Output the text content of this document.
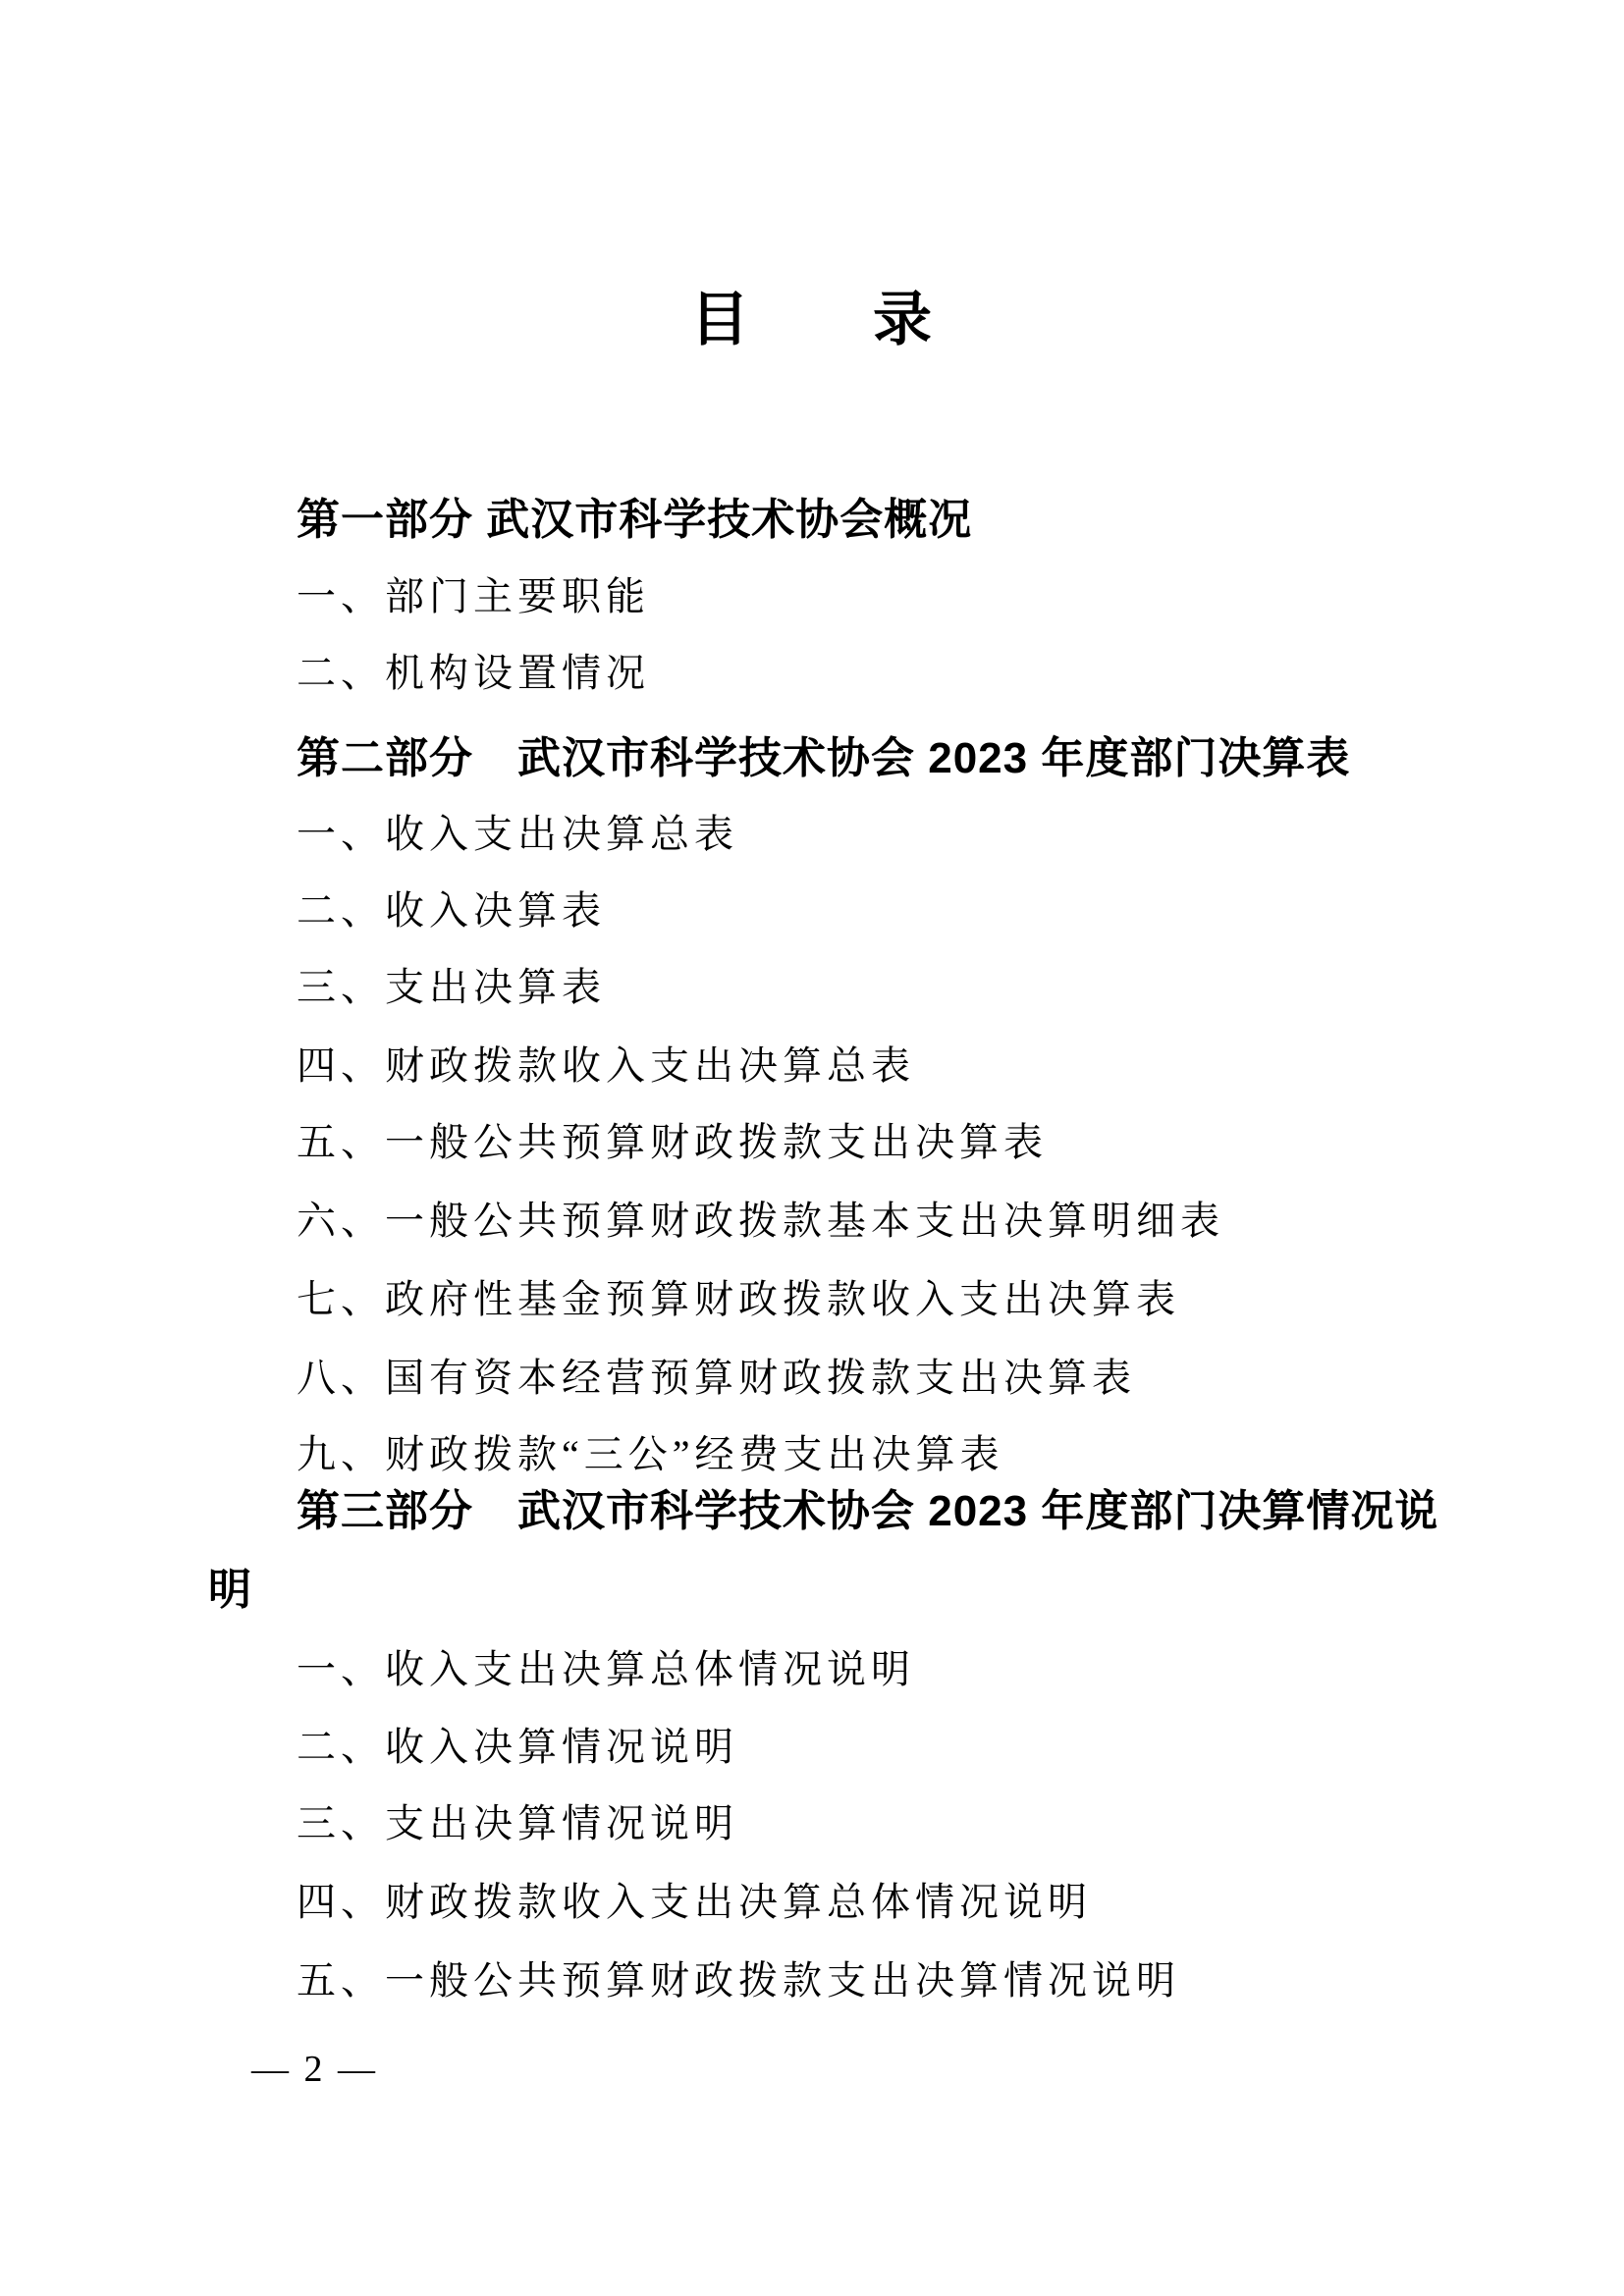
目　　录
第一部分 武汉市科学技术协会概况
一、部门主要职能
二、机构设置情况
第二部分　武汉市科学技术协会 2023 年度部门决算表
一、收入支出决算总表
二、收入决算表
三、支出决算表
四、财政拨款收入支出决算总表
五、一般公共预算财政拨款支出决算表
六、一般公共预算财政拨款基本支出决算明细表
七、政府性基金预算财政拨款收入支出决算表
八、国有资本经营预算财政拨款支出决算表
九、财政拨款“三公”经费支出决算表
第三部分　武汉市科学技术协会 2023 年度部门决算情况说
明
一、收入支出决算总体情况说明
二、收入决算情况说明
三、支出决算情况说明
四、财政拨款收入支出决算总体情况说明
五、一般公共预算财政拨款支出决算情况说明
— 2 —
